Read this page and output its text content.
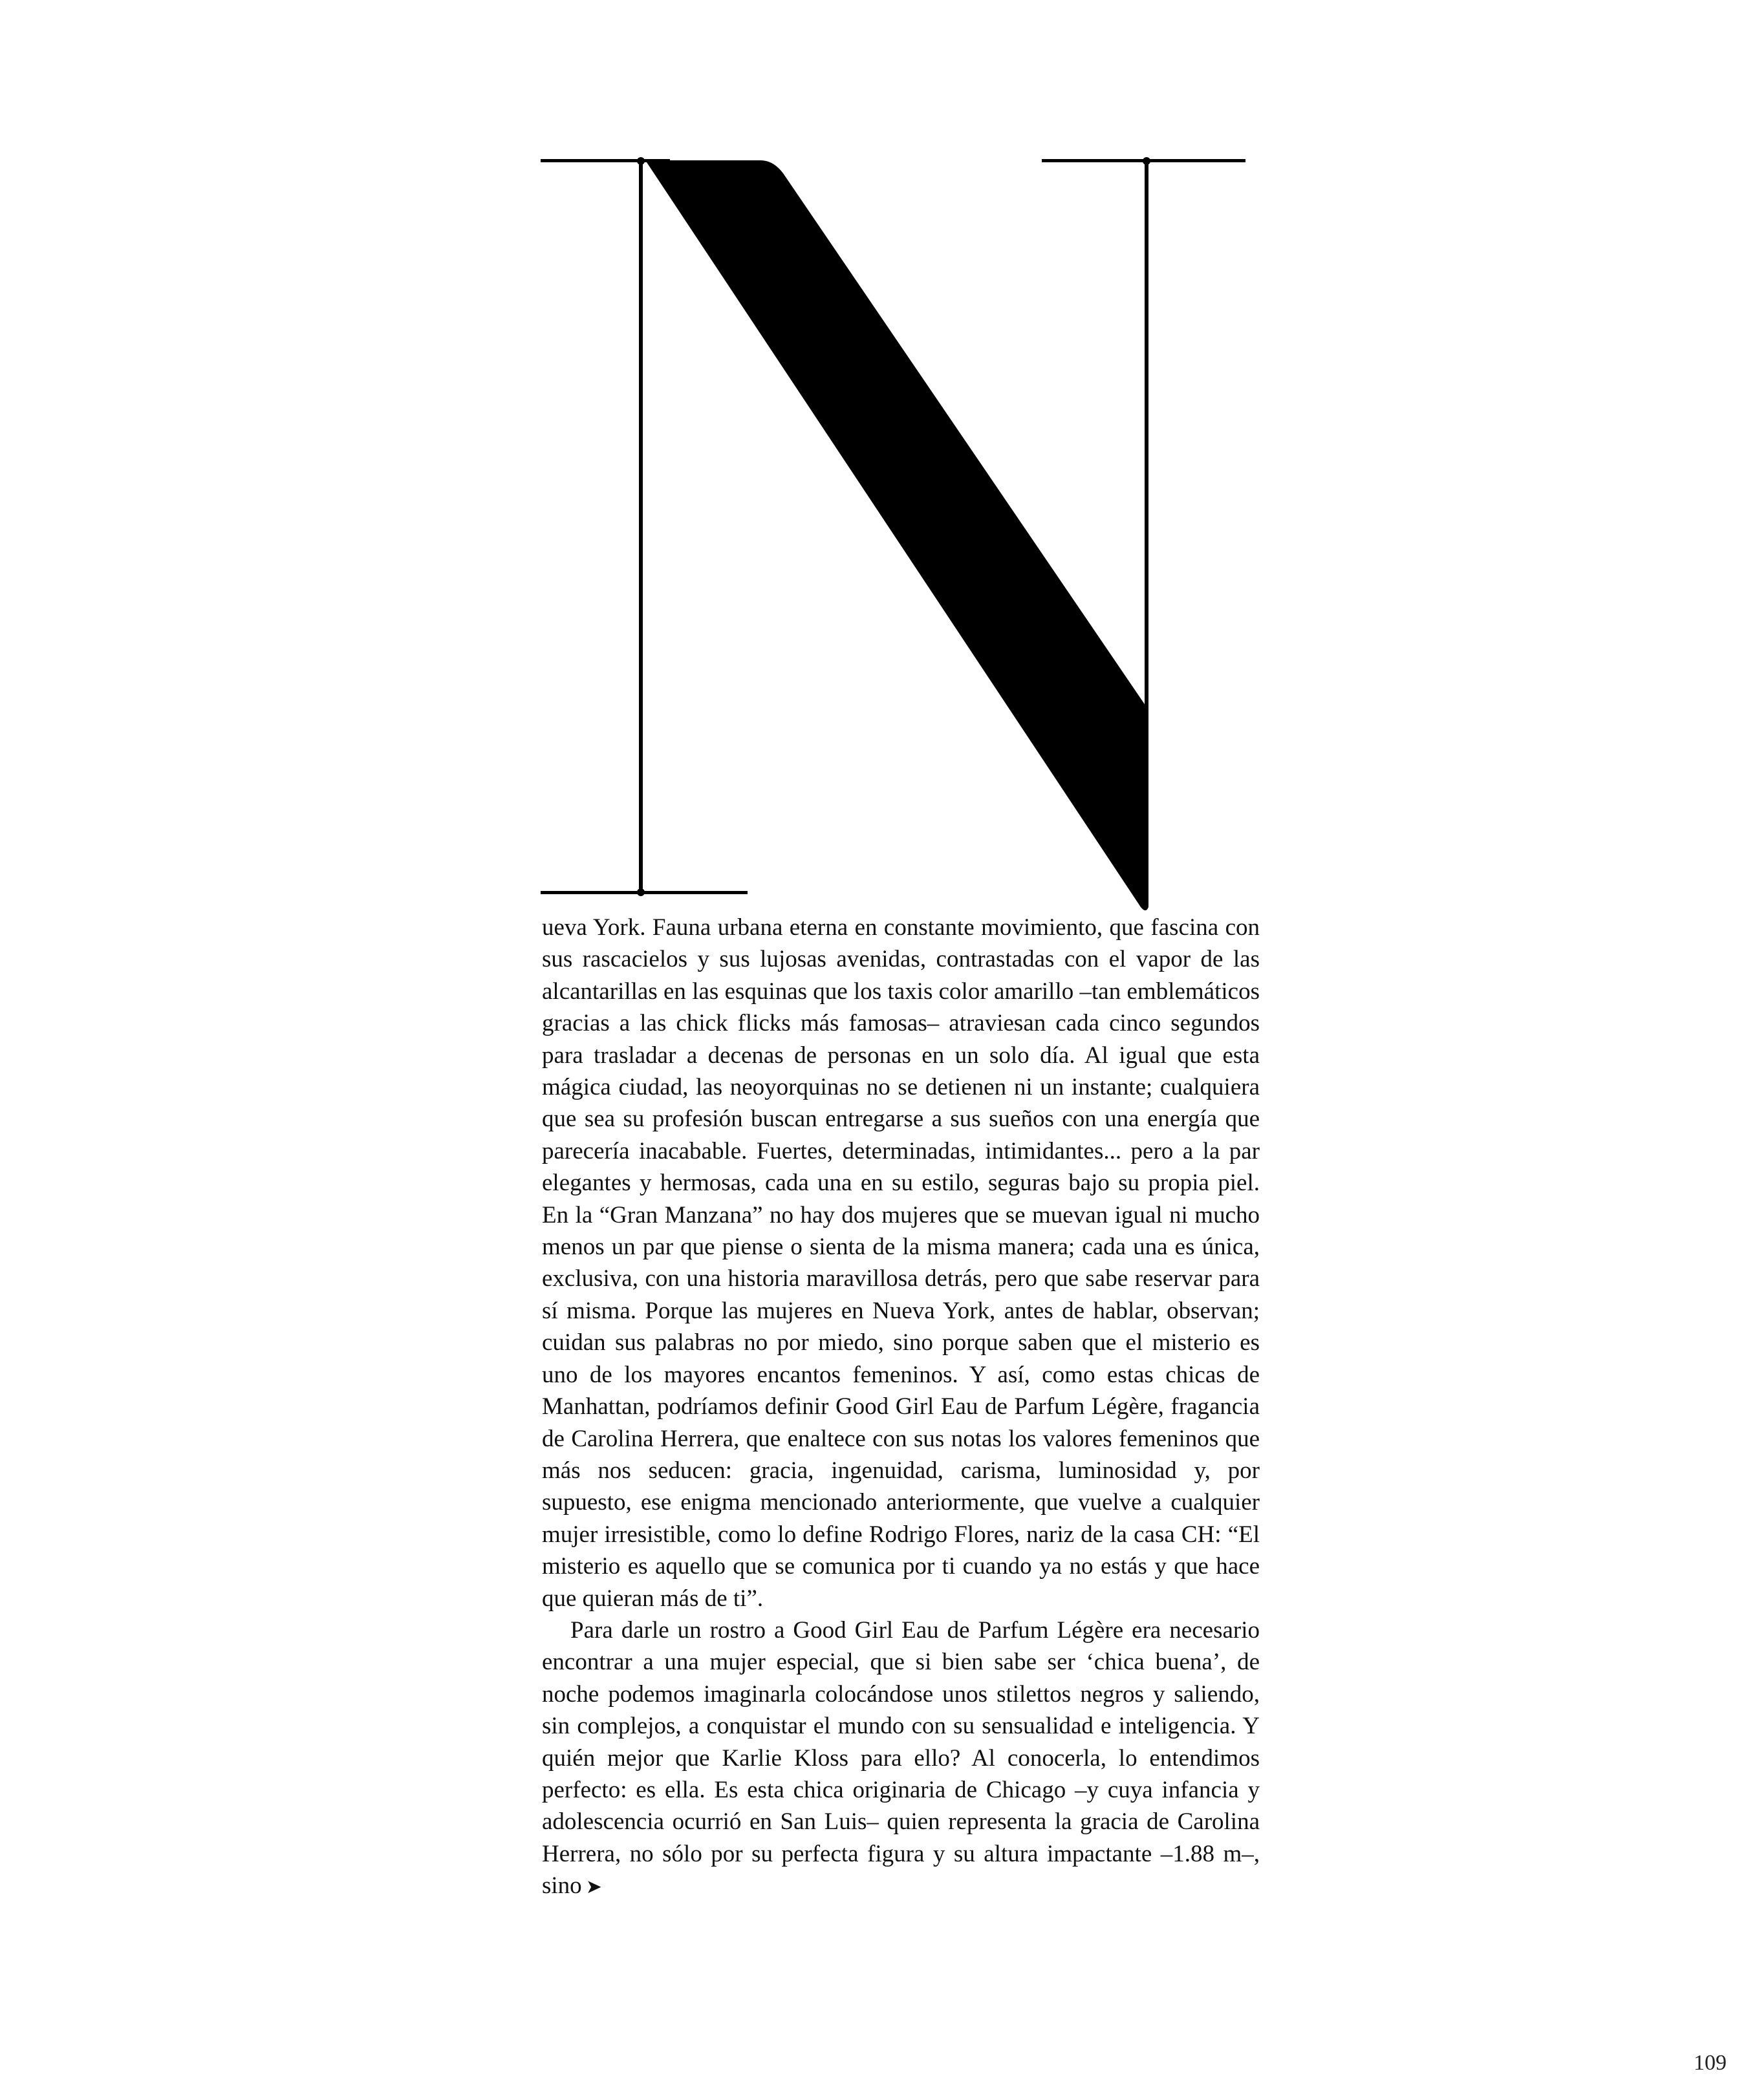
ueva York. Fauna urbana eterna en constante movimiento, que fascina con sus rascacielos y sus lujosas avenidas, contrastadas con el vapor de las alcantarillas en las esquinas que los taxis color amarillo –tan emblemáticos gracias a las chick flicks más famosas– atraviesan cada cinco segundos para trasladar a decenas de personas en un solo día. Al igual que esta mágica ciudad, las neoyorquinas no se detienen ni un instante; cualquiera que sea su profesión buscan entregarse a sus sueños con una energía que parecería inacabable. Fuertes, determinadas, intimidantes... pero a la par elegantes y hermosas, cada una en su estilo, seguras bajo su propia piel. En la “Gran Manzana” no hay dos mujeres que se muevan igual ni mucho menos un par que piense o sienta de la misma manera; cada una es única, exclusiva, con una historia maravillosa detrás, pero que sabe reservar para sí misma. Porque las mujeres en Nueva York, antes de hablar, observan; cuidan sus palabras no por miedo, sino porque saben que el misterio es uno de los mayores encantos femeninos. Y así, como estas chicas de Manhattan, podríamos definir Good Girl Eau de Parfum Légère, fragancia de Carolina Herrera, que enaltece con sus notas los valores femeninos que más nos seducen: gracia, ingenuidad, carisma, luminosidad y, por supuesto, ese enigma mencionado anteriormente, que vuelve a cualquier mujer irresistible, como lo define Rodrigo Flores, nariz de la casa CH: “El misterio es aquello que se comunica por ti cuando ya no estás y que hace que quieran más de ti”.

Para darle un rostro a Good Girl Eau de Parfum Légère era necesario encontrar a una mujer especial, que si bien sabe ser ‘chica buena’, de noche podemos imaginarla colocándose unos stilettos negros y saliendo, sin complejos, a conquistar el mundo con su sensualidad e inteligencia. Y quién mejor que Karlie Kloss para ello? Al conocerla, lo entendimos perfecto: es ella. Es esta chica originaria de Chicago –y cuya infancia y adolescencia ocurrió en San Luis– quien representa la gracia de Carolina Herrera, no sólo por su perfecta figura y su altura impactante –1.88 m–, sino ➤

109
